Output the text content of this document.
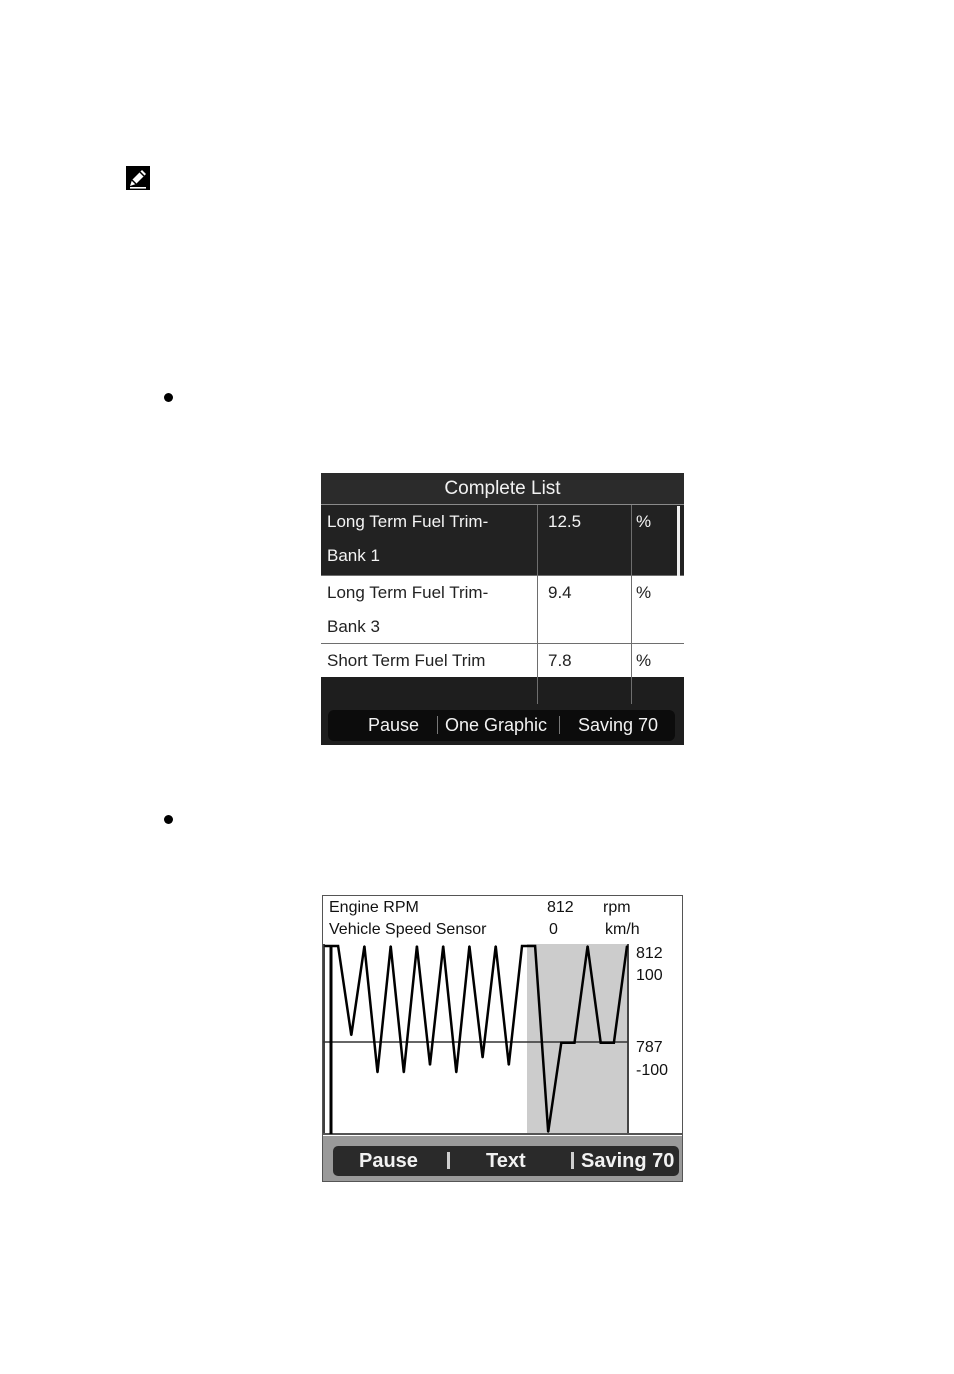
Complete List
Long Term Fuel Trim-
Bank 1
12.5	%
Long Term Fuel Trim-
Bank 3
9.4	%
Short Term Fuel Trim	7.8	%
Pause One Graphic Saving 70
Engine RPM	812 rpm
Vehicle Speed Sensor	0	km/h
812
100
787
-100
Pause	Text	Saving 70
